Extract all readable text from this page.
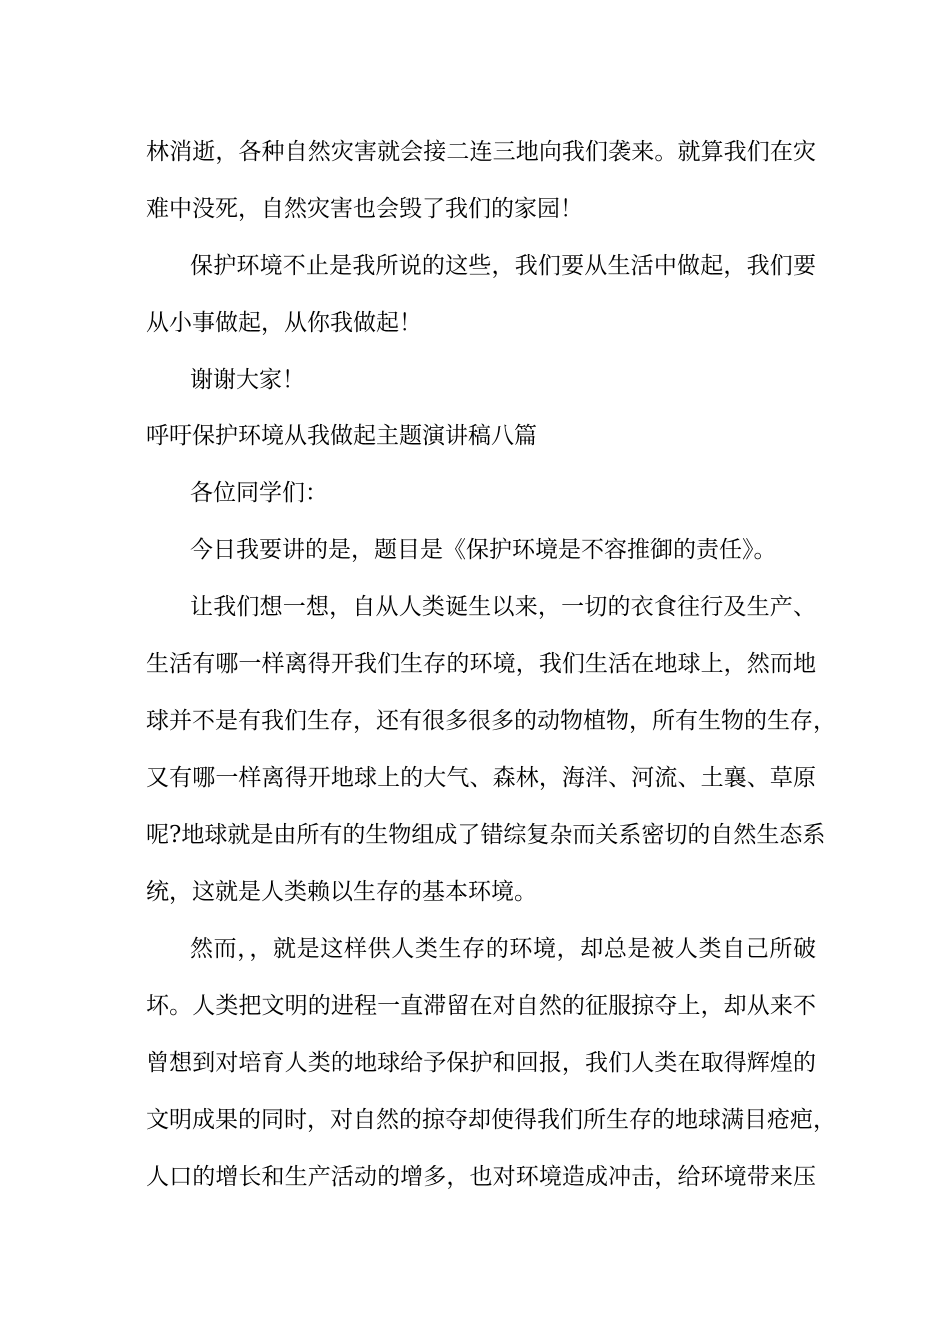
林消逝，各种自然灾害就会接二连三地向我们袭来。就算我们在灾
难中没死，自然灾害也会毁了我们的家园！
保护环境不止是我所说的这些，我们要从生活中做起，我们要
从小事做起，从你我做起！
谢谢大家！
呼吁保护环境从我做起主题演讲稿八篇
各位同学们：
今日我要讲的是，题目是《保护环境是不容推御的责任》。
让我们想一想，自从人类诞生以来，一切的衣食往行及生产、
生活有哪一样离得开我们生存的环境，我们生活在地球上，然而地
球并不是有我们生存，还有很多很多的动物植物，所有生物的生存，
又有哪一样离得开地球上的大气、森林，海洋、河流、土襄、草原
呢?地球就是由所有的生物组成了错综复杂而关系密切的自然生态系
统，这就是人类赖以生存的基本环境。
然而，，就是这样供人类生存的环境，却总是被人类自己所破
坏。人类把文明的进程一直滞留在对自然的征服掠夺上，却从来不
曾想到对培育人类的地球给予保护和回报，我们人类在取得辉煌的
文明成果的同时，对自然的掠夺却使得我们所生存的地球满目疮疤，
人口的增长和生产活动的增多，也对环境造成冲击，给环境带来压
